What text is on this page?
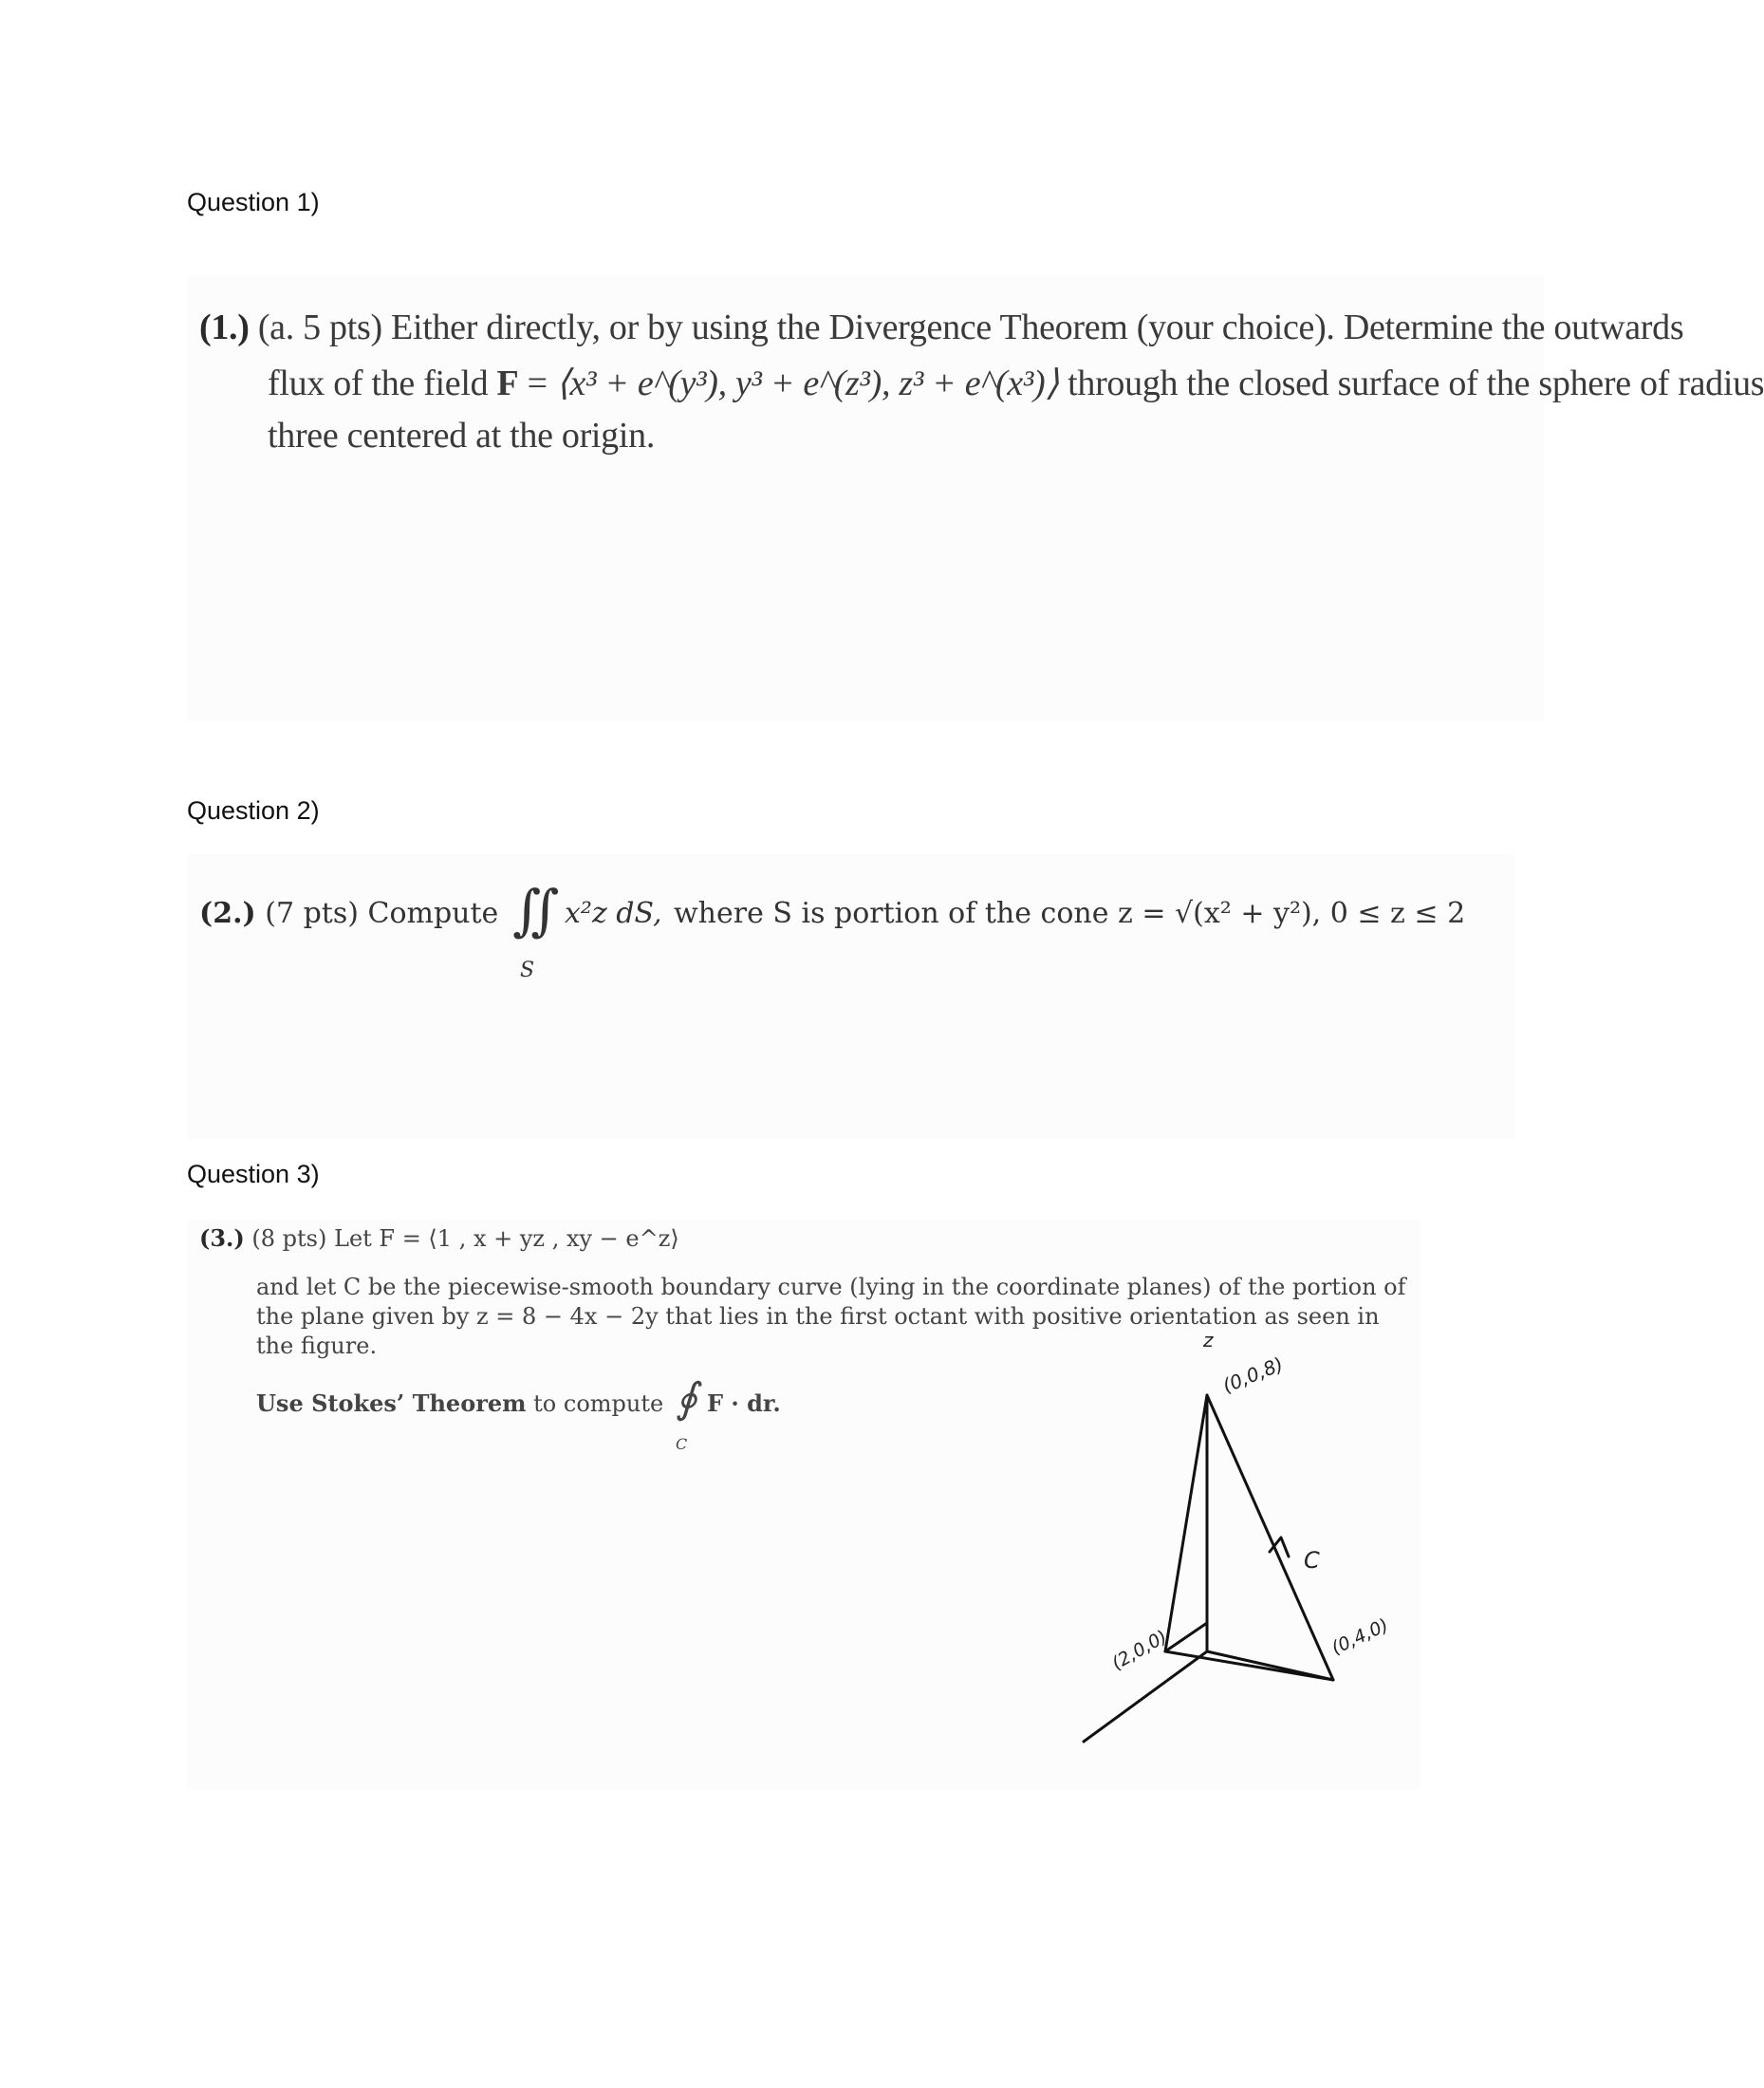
Question 1)

(1.) (a. 5 pts) Either directly, or by using the Divergence Theorem (your choice). Determine the outwards

flux of the field F = ⟨x³ + e^(y³), y³ + e^(z³), z³ + e^(x³)⟩ through the closed surface of the sphere of radius

three centered at the origin.

Question 2)

(2.) (7 pts) Compute ∬
S

x²z dS, where S is portion of the cone z = √(x² + y²), 0 ≤ z ≤ 2

Question 3)

(3.) (8 pts) Let F = ⟨1 , x + yz , xy − e^z⟩

and let C be the piecewise-smooth boundary curve (lying in the coordinate planes) of the portion of

the plane given by z = 8 − 4x − 2y that lies in the first octant with positive orientation as seen in

the figure.

Use Stokes’ Theorem to compute ∮
C
F · dr.
z
(0,0,8)
(2,0,0)	(0,4,0)
C
